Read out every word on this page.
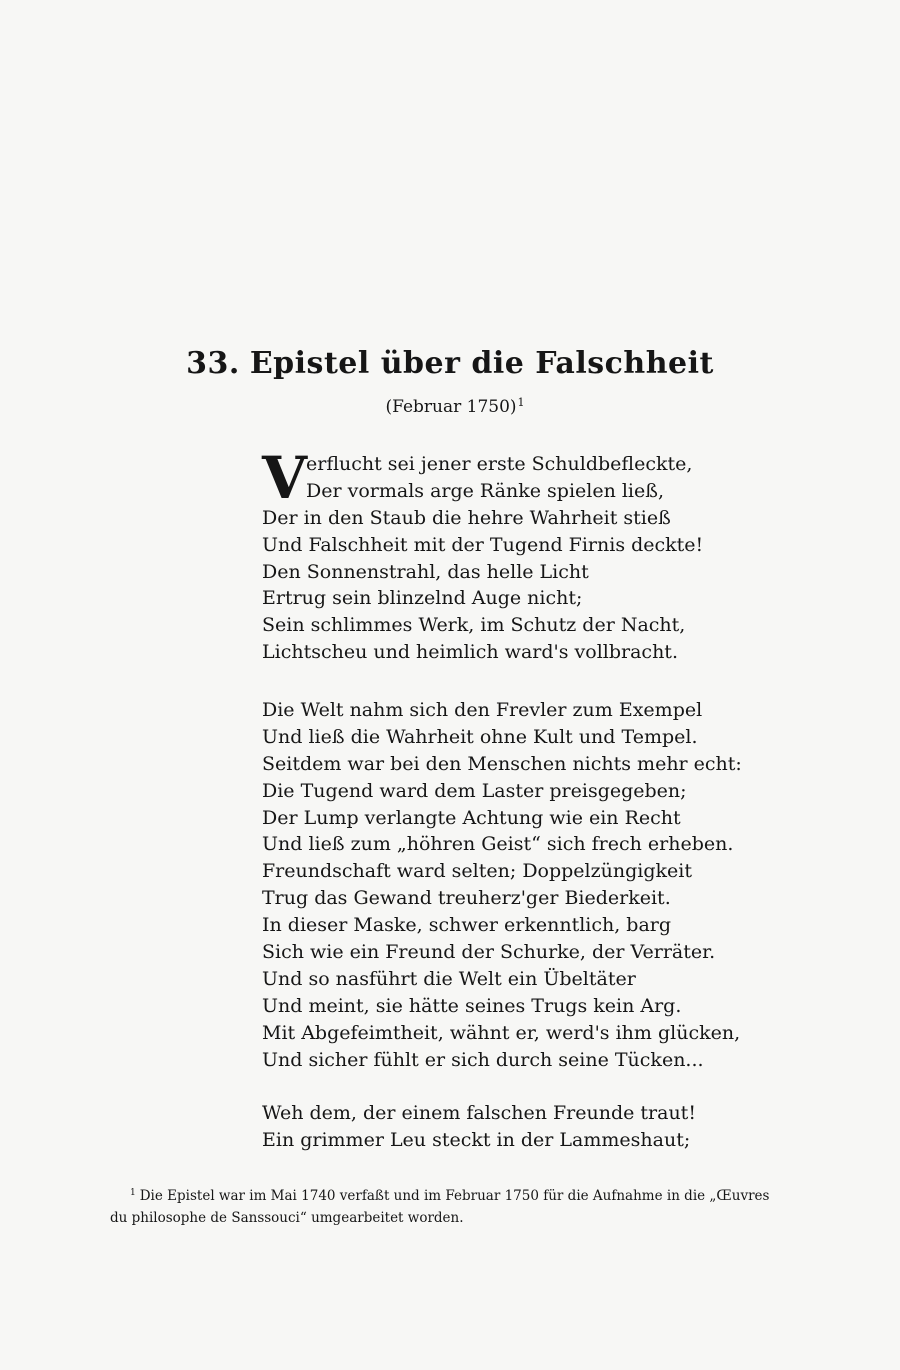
33. Epistel über die Falschheit
(Februar 1750)$^1$
V
erflucht sei jener erste Schuldbefleckte,
Der vormals arge Ränke spielen ließ,
Der in den Staub die hehre Wahrheit stieß
Und Falschheit mit der Tugend Firnis deckte!
Den Sonnenstrahl, das helle Licht
Ertrug sein blinzelnd Auge nicht;
Sein schlimmes Werk, im Schutz der Nacht,
Lichtscheu und heimlich ward's vollbracht.
Die Welt nahm sich den Frevler zum Exempel
Und ließ die Wahrheit ohne Kult und Tempel.
Seitdem war bei den Menschen nichts mehr echt:
Die Tugend ward dem Laster preisgegeben;
Der Lump verlangte Achtung wie ein Recht
Und ließ zum „höhren Geist“ sich frech erheben.
Freundschaft ward selten; Doppelzüngigkeit
Trug das Gewand treuherz'ger Biederkeit.
In dieser Maske, schwer erkenntlich, barg
Sich wie ein Freund der Schurke, der Verräter.
Und so nasführt die Welt ein Übeltäter
Und meint, sie hätte seines Trugs kein Arg.
Mit Abgefeimtheit, wähnt er, werd's ihm glücken,
Und sicher fühlt er sich durch seine Tücken...
Weh dem, der einem falschen Freunde traut!
Ein grimmer Leu steckt in der Lammeshaut;
$^1$ Die Epistel war im Mai 1740 verfaßt und im Februar 1750 für die Aufnahme in die „Œuvres
du philosophe de Sanssouci“ umgearbeitet worden.
